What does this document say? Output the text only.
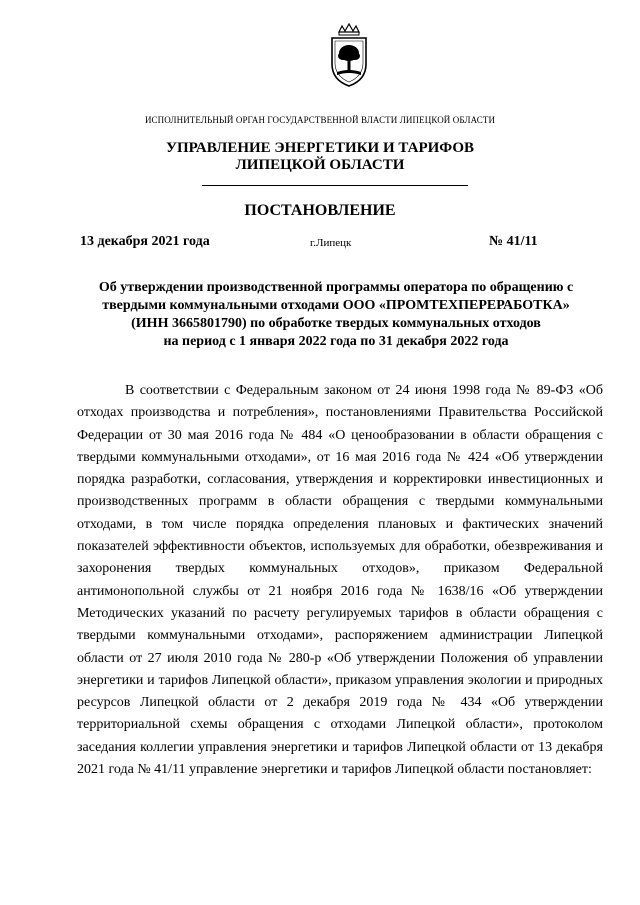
ИСПОЛНИТЕЛЬНЫЙ ОРГАН ГОСУДАРСТВЕННОЙ ВЛАСТИ ЛИПЕЦКОЙ ОБЛАСТИ
УПРАВЛЕНИЕ ЭНЕРГЕТИКИ И ТАРИФОВ
ЛИПЕЦКОЙ ОБЛАСТИ
ПОСТАНОВЛЕНИЕ
13 декабря 2021 года	г.Липецк	№ 41/11
Об утверждении производственной программы оператора по обращению с
твердыми коммунальными отходами ООО «ПРОМТЕХПЕРЕРАБОТКА»
(ИНН 3665801790) по обработке твердых коммунальных отходов
на период с 1 января 2022 года по 31 декабря 2022 года

В соответствии с Федеральным законом от 24 июня 1998 года № 89-ФЗ «Об отходах производства и потребления», постановлениями Правительства Российской Федерации от 30 мая 2016 года № 484 «О ценообразовании в области обращения с твердыми коммунальными отходами», от 16 мая 2016 года № 424 «Об утверждении порядка разработки, согласования, утверждения и корректировки инвестиционных и производственных программ в области обращения с твердыми коммунальными отходами, в том числе порядка определения плановых и фактических значений показателей эффективности объектов, используемых для обработки, обезвреживания и захоронения твердых коммунальных отходов», приказом Федеральной антимонопольной службы от 21 ноября 2016 года № 1638/16 «Об утверждении Методических указаний по расчету регулируемых тарифов в области обращения с твердыми коммунальными отходами», распоряжением администрации Липецкой области от 27 июля 2010 года № 280-р «Об утверждении Положения об управлении энергетики и тарифов Липецкой области», приказом управления экологии и природных ресурсов Липецкой области от 2 декабря 2019 года № 434 «Об утверждении территориальной схемы обращения с отходами Липецкой области», протоколом заседания коллегии управления энергетики и тарифов Липецкой области от 13 декабря 2021 года № 41/11 управление энергетики и тарифов Липецкой области постановляет:
